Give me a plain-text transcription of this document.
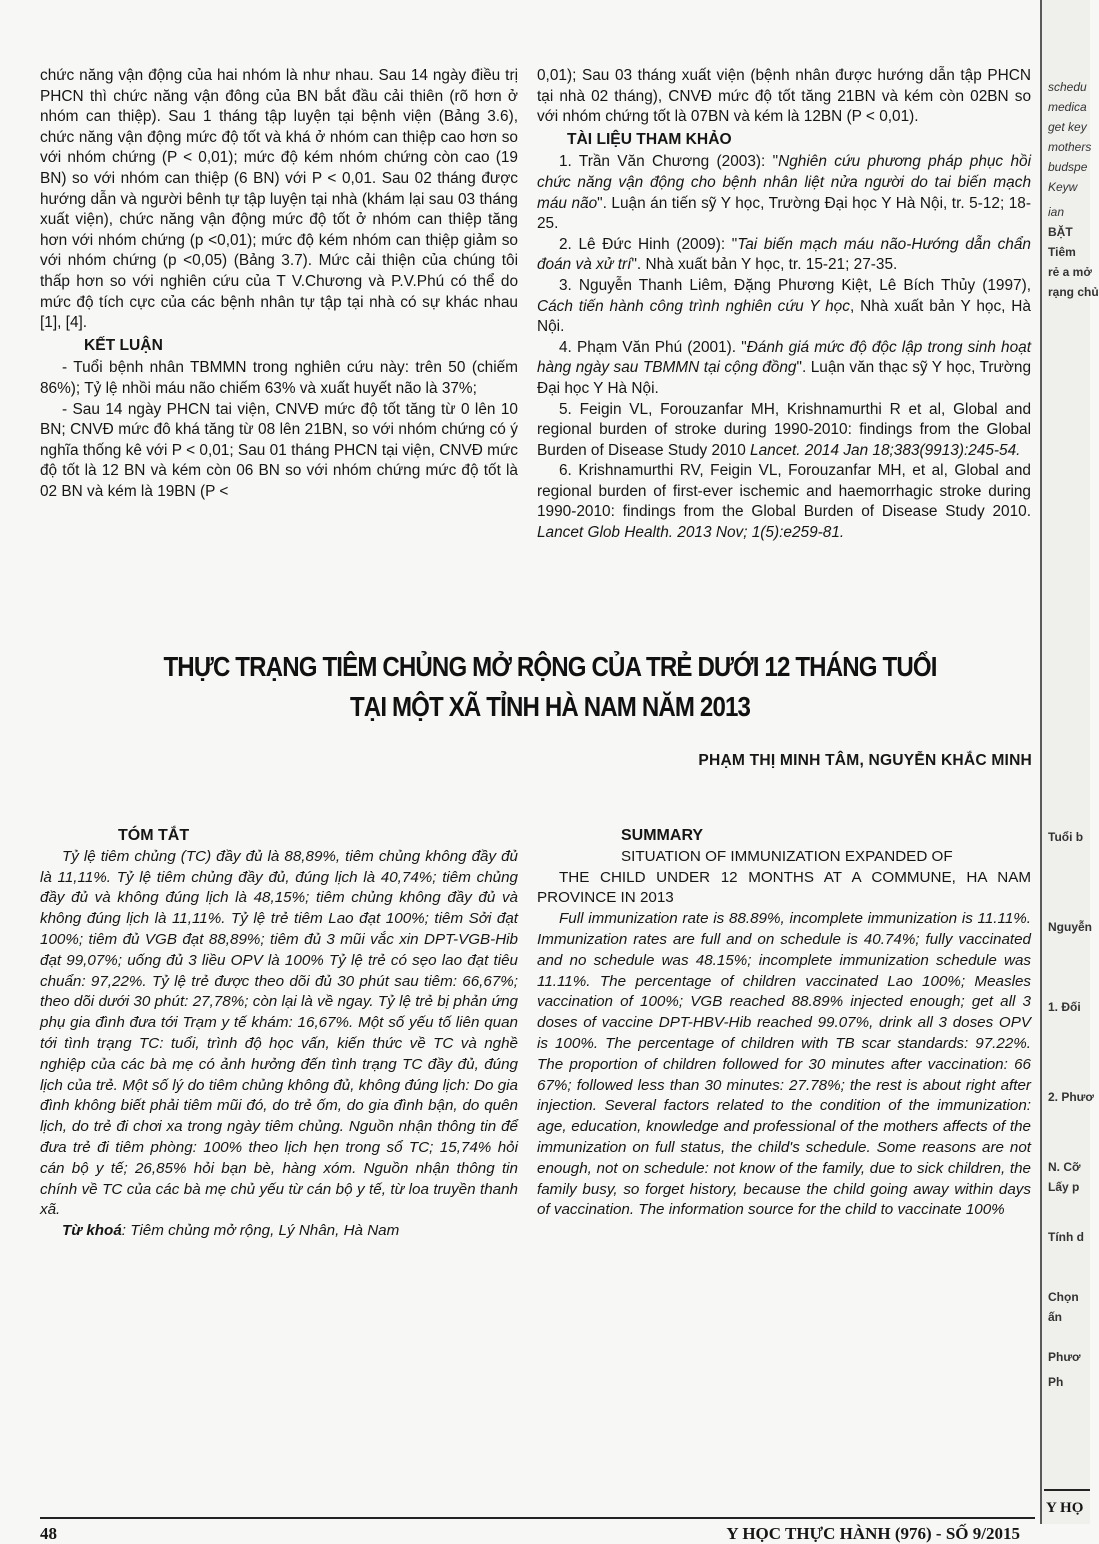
chức năng vận động của hai nhóm là như nhau. Sau 14 ngày điều trị PHCN thì chức năng vận đông của BN bắt đầu cải thiên (rõ hơn ở nhóm can thiệp). Sau 1 tháng tập luyện tại bệnh viện (Bảng 3.6), chức năng vận động mức độ tốt và khá ở nhóm can thiệp cao hơn so với nhóm chứng (P < 0,01); mức độ kém nhóm chứng còn cao (19 BN) so với nhóm can thiệp (6 BN) với P < 0,01. Sau 02 tháng được hướng dẫn và người bênh tự tập luyện tại nhà (khám lại sau 03 tháng xuất viện), chức năng vận động mức độ tốt ở nhóm can thiệp tăng hơn với nhóm chứng (p <0,01); mức độ kém nhóm can thiệp giảm so với nhóm chứng (p <0,05) (Bảng 3.7). Mức cải thiện của chúng tôi thấp hơn so với nghiên cứu của T V.Chương và P.V.Phú có thể do mức độ tích cực của các bệnh nhân tự tập tại nhà có sự khác nhau [1], [4].

KẾT LUẬN

- Tuổi bệnh nhân TBMMN trong nghiên cứu này: trên 50 (chiếm 86%); Tỷ lệ nhồi máu não chiếm 63% và xuất huyết não là 37%;

- Sau 14 ngày PHCN tai viện, CNVĐ mức độ tốt tăng từ 0 lên 10 BN; CNVĐ mức đô khá tăng từ 08 lên 21BN, so với nhóm chứng có ý nghĩa thống kê với P < 0,01; Sau 01 tháng PHCN tại viện, CNVĐ mức độ tốt là 12 BN và kém còn 06 BN so với nhóm chứng mức độ tốt là 02 BN và kém là 19BN (P <

0,01); Sau 03 tháng xuất viện (bệnh nhân được hướng dẫn tập PHCN tại nhà 02 tháng), CNVĐ mức độ tốt tăng 21BN và kém còn 02BN so với nhóm chứng tốt là 07BN và kém là 12BN (P < 0,01).

TÀI LIỆU THAM KHẢO

1. Trần Văn Chương (2003): "Nghiên cứu phương pháp phục hồi chức năng vận động cho bệnh nhân liệt nửa người do tai biến mạch máu não". Luận án tiến sỹ Y học, Trường Đại học Y Hà Nội, tr. 5-12; 18-25.

2. Lê Đức Hinh (2009): "Tai biến mạch máu não-Hướng dẫn chẩn đoán và xử trí". Nhà xuất bản Y học, tr. 15-21; 27-35.

3. Nguyễn Thanh Liêm, Đặng Phương Kiệt, Lê Bích Thủy (1997), Cách tiến hành công trình nghiên cứu Y học, Nhà xuất bản Y học, Hà Nội.

4. Phạm Văn Phú (2001). "Đánh giá mức độ độc lập trong sinh hoạt hàng ngày sau TBMMN tại cộng đồng". Luận văn thạc sỹ Y học, Trường Đại học Y Hà Nội.

5. Feigin VL, Forouzanfar MH, Krishnamurthi R et al, Global and regional burden of stroke during 1990-2010: findings from the Global Burden of Disease Study 2010 Lancet. 2014 Jan 18;383(9913):245-54.

6. Krishnamurthi RV, Feigin VL, Forouzanfar MH, et al, Global and regional burden of first-ever ischemic and haemorrhagic stroke during 1990-2010: findings from the Global Burden of Disease Study 2010. Lancet Glob Health. 2013 Nov; 1(5):e259-81.

THỰC TRẠNG TIÊM CHỦNG MỞ RỘNG CỦA TRẺ DƯỚI 12 THÁNG TUỔI
TẠI MỘT XÃ TỈNH HÀ NAM NĂM 2013
PHẠM THỊ MINH TÂM, NGUYỄN KHẮC MINH
TÓM TẮT

Tỷ lệ tiêm chủng (TC) đầy đủ là 88,89%, tiêm chủng không đầy đủ là 11,11%. Tỷ lệ tiêm chủng đầy đủ, đúng lịch là 40,74%; tiêm chủng đầy đủ và không đúng lịch là 48,15%; tiêm chủng không đầy đủ và không đúng lịch là 11,11%. Tỷ lệ trẻ tiêm Lao đạt 100%; tiêm Sởi đạt 100%; tiêm đủ VGB đạt 88,89%; tiêm đủ 3 mũi vắc xin DPT-VGB-Hib đạt 99,07%; uống đủ 3 liều OPV là 100% Tỷ lệ trẻ có sẹo lao đạt tiêu chuẩn: 97,22%. Tỷ lệ trẻ được theo dõi đủ 30 phút sau tiêm: 66,67%; theo dõi dưới 30 phút: 27,78%; còn lại là về ngay. Tỷ lệ trẻ bị phản ứng phụ gia đình đưa tới Trạm y tế khám: 16,67%. Một số yếu tố liên quan tới tình trạng TC: tuổi, trình độ học vấn, kiến thức về TC và nghề nghiệp của các bà mẹ có ảnh hưởng đến tình trạng TC đầy đủ, đúng lịch của trẻ. Một số lý do tiêm chủng không đủ, không đúng lịch: Do gia đình không biết phải tiêm mũi đó, do trẻ ốm, do gia đình bận, do quên lịch, do trẻ đi chơi xa trong ngày tiêm chủng. Nguồn nhận thông tin để đưa trẻ đi tiêm phòng: 100% theo lịch hẹn trong sổ TC; 15,74% hỏi cán bộ y tế; 26,85% hỏi bạn bè, hàng xóm. Nguồn nhận thông tin chính về TC của các bà mẹ chủ yếu từ cán bộ y tế, từ loa truyền thanh xã.

Từ khoá: Tiêm chủng mở rộng, Lý Nhân, Hà Nam

SUMMARY

SITUATION OF IMMUNIZATION EXPANDED OF

THE CHILD UNDER 12 MONTHS AT A COMMUNE, HA NAM PROVINCE IN 2013

Full immunization rate is 88.89%, incomplete immunization is 11.11%. Immunization rates are full and on schedule is 40.74%; fully vaccinated and no schedule was 48.15%; incomplete immunization schedule was 11.11%. The percentage of children vaccinated Lao 100%; Measles vaccination of 100%; VGB reached 88.89% injected enough; get all 3 doses of vaccine DPT-HBV-Hib reached 99.07%, drink all 3 doses OPV is 100%. The percentage of children with TB scar standards: 97.22%. The proportion of children followed for 30 minutes after vaccination: 66 67%; followed less than 30 minutes: 27.78%; the rest is about right after injection. Several factors related to the condition of the immunization: age, education, knowledge and professional of the mothers affects of the immunization on full status, the child's schedule. Some reasons are not enough, not on schedule: not know of the family, due to sick children, the family busy, so forget history, because the child going away within days of vaccination. The information source for the child to vaccinate 100%

48	Y HỌC THỰC HÀNH (976) - SỐ 9/2015
schedu
medica
get key
mothers
budspe
Keyw
ian
BẶT
Tiêm
rẻ a mở
rạng chủ
Tuổi b
Nguyễn
1. Đối
2. Phươ
N. Cỡ
Lấy p
Tính d
Chọn
ấn
Phươ
Ph
Y HỌ
